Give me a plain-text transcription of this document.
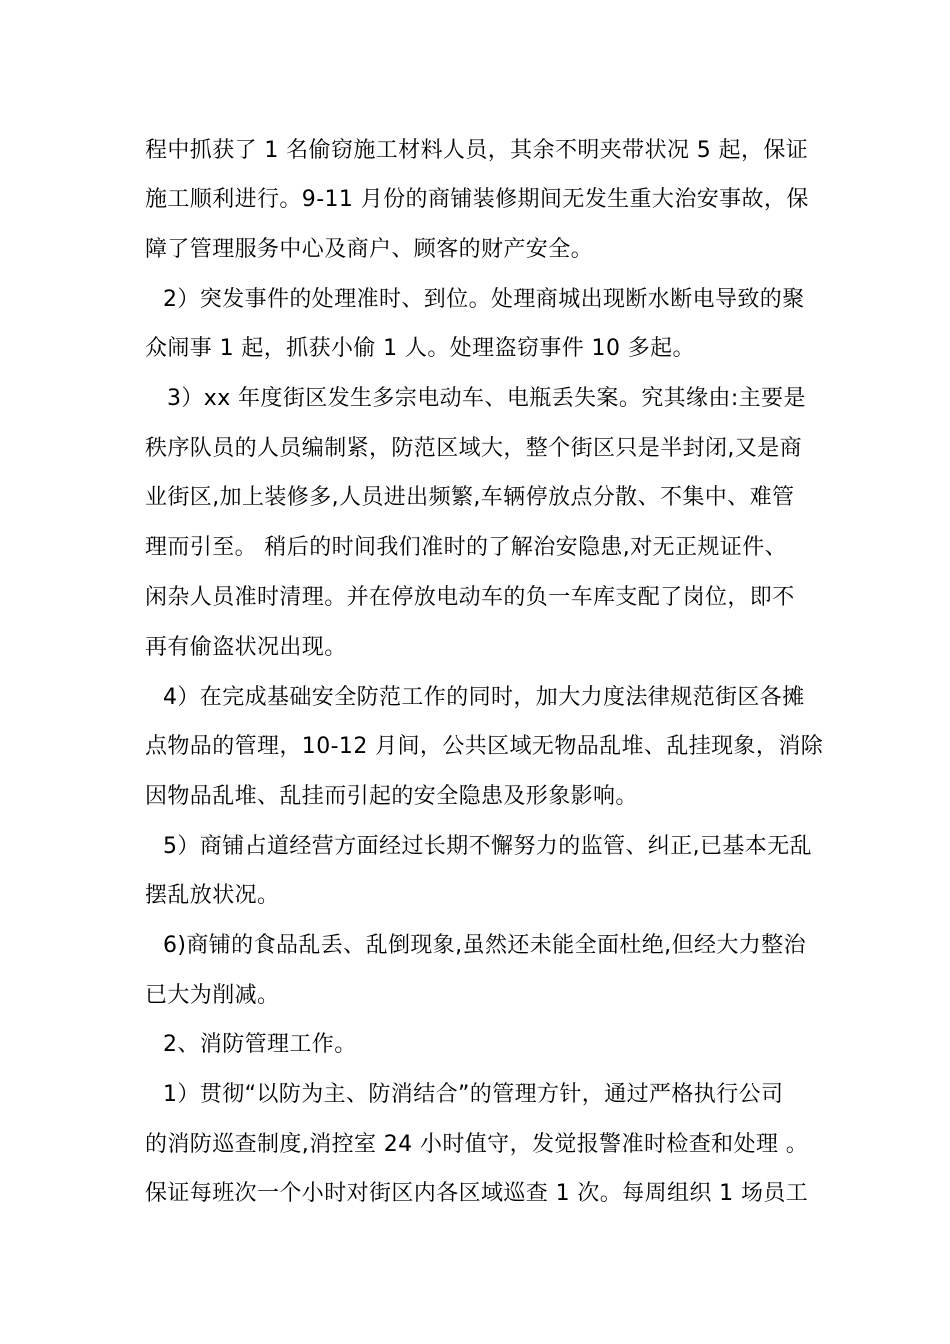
程中抓获了 1 名偷窃施工材料人员，其余不明夹带状况 5 起，保证
施工顺利进行。9-11 月份的商铺装修期间无发生重大治安事故，保
障了管理服务中心及商户、顾客的财产安全。
2）突发事件的处理准时、到位。处理商城出现断水断电导致的聚
众闹事 1 起，抓获小偷 1 人。处理盗窃事件 10 多起。
3）xx 年度街区发生多宗电动车、电瓶丢失案。究其缘由:主要是
秩序队员的人员编制紧，防范区域大，整个街区只是半封闭,又是商
业街区,加上装修多,人员进出频繁,车辆停放点分散、不集中、难管
理而引至。 稍后的时间我们准时的了解治安隐患,对无正规证件、
闲杂人员准时清理。并在停放电动车的负一车库支配了岗位，即不
再有偷盗状况出现。
4）在完成基础安全防范工作的同时，加大力度法律规范街区各摊
点物品的管理，10-12 月间，公共区域无物品乱堆、乱挂现象，消除
因物品乱堆、乱挂而引起的安全隐患及形象影响。
5）商铺占道经营方面经过长期不懈努力的监管、纠正,已基本无乱
摆乱放状况。
6)商铺的食品乱丢、乱倒现象,虽然还未能全面杜绝,但经大力整治
已大为削减。
2、消防管理工作。
1）贯彻“以防为主、防消结合”的管理方针，通过严格执行公司
的消防巡查制度,消控室 24 小时值守，发觉报警准时检查和处理 。
保证每班次一个小时对街区内各区域巡查 1 次。每周组织 1 场员工
